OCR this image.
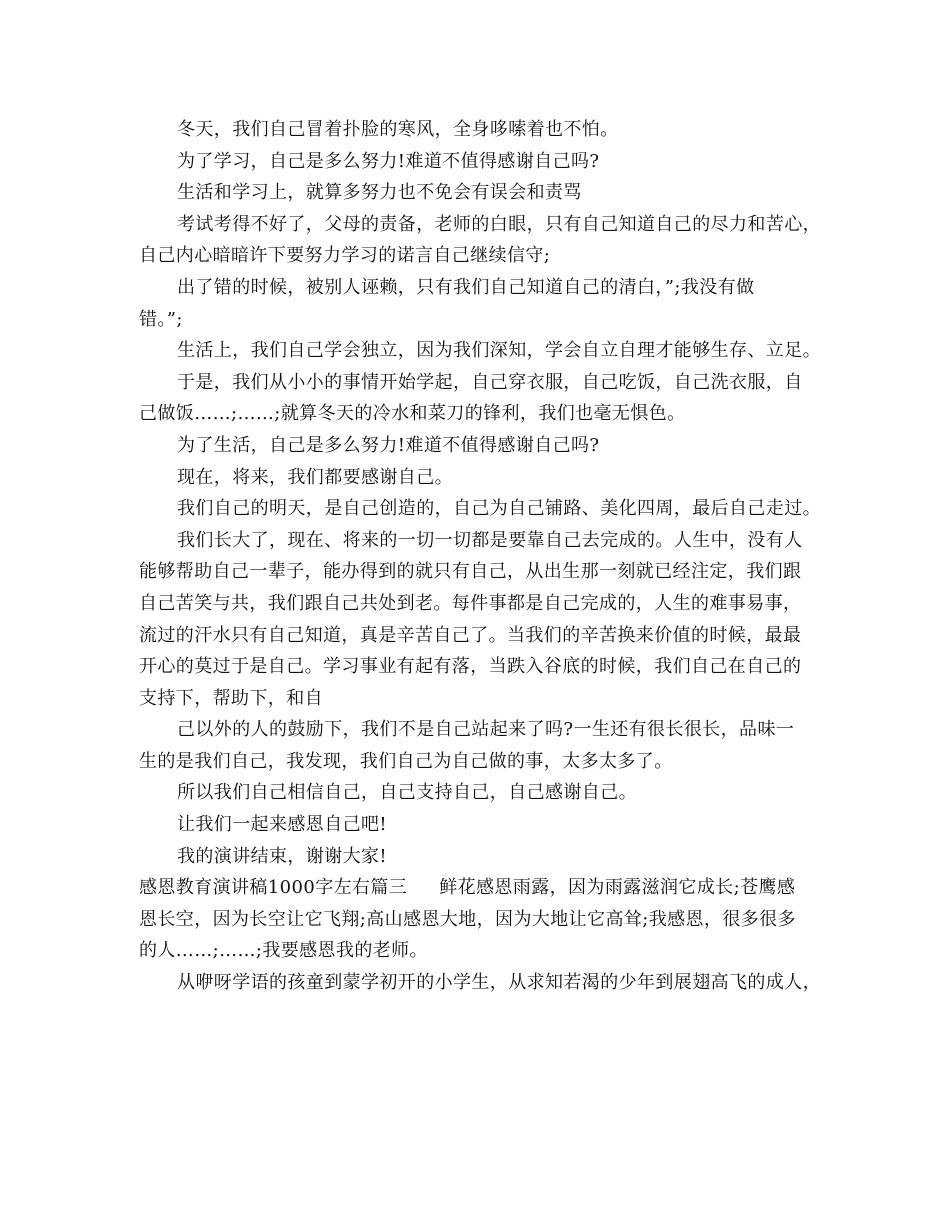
冬天，我们自己冒着扑脸的寒风，全身哆嗦着也不怕。
为了学习，自己是多么努力!难道不值得感谢自己吗?
生活和学习上，就算多努力也不免会有误会和责骂
考试考得不好了，父母的责备，老师的白眼，只有自己知道自己的尽力和苦心，
自己内心暗暗许下要努力学习的诺言自己继续信守;
出了错的时候，被别人诬赖，只有我们自己知道自己的清白，”;我没有做
错。”;
生活上，我们自己学会独立，因为我们深知，学会自立自理才能够生存、立足。
于是，我们从小小的事情开始学起，自己穿衣服，自己吃饭，自己洗衣服，自
己做饭……;……;就算冬天的冷水和菜刀的锋利，我们也毫无惧色。
为了生活，自己是多么努力!难道不值得感谢自己吗?
现在，将来，我们都要感谢自己。
我们自己的明天，是自己创造的，自己为自己铺路、美化四周，最后自己走过。
我们长大了，现在、将来的一切一切都是要靠自己去完成的。人生中，没有人
能够帮助自己一辈子，能办得到的就只有自己，从出生那一刻就已经注定，我们跟
自己苦笑与共，我们跟自己共处到老。每件事都是自己完成的，人生的难事易事，
流过的汗水只有自己知道，真是辛苦自己了。当我们的辛苦换来价值的时候，最最
开心的莫过于是自己。学习事业有起有落，当跌入谷底的时候，我们自己在自己的
支持下，帮助下，和自
己以外的人的鼓励下，我们不是自己站起来了吗?一生还有很长很长，品味一
生的是我们自己，我发现，我们自己为自己做的事，太多太多了。
所以我们自己相信自己，自己支持自己，自己感谢自己。
让我们一起来感恩自己吧!
我的演讲结束，谢谢大家!
感恩教育演讲稿1000字左右篇三 鲜花感恩雨露，因为雨露滋润它成长;苍鹰感
恩长空，因为长空让它飞翔;高山感恩大地，因为大地让它高耸;我感恩，很多很多
的人……;……;我要感恩我的老师。
从咿呀学语的孩童到蒙学初开的小学生，从求知若渴的少年到展翅高飞的成人，
